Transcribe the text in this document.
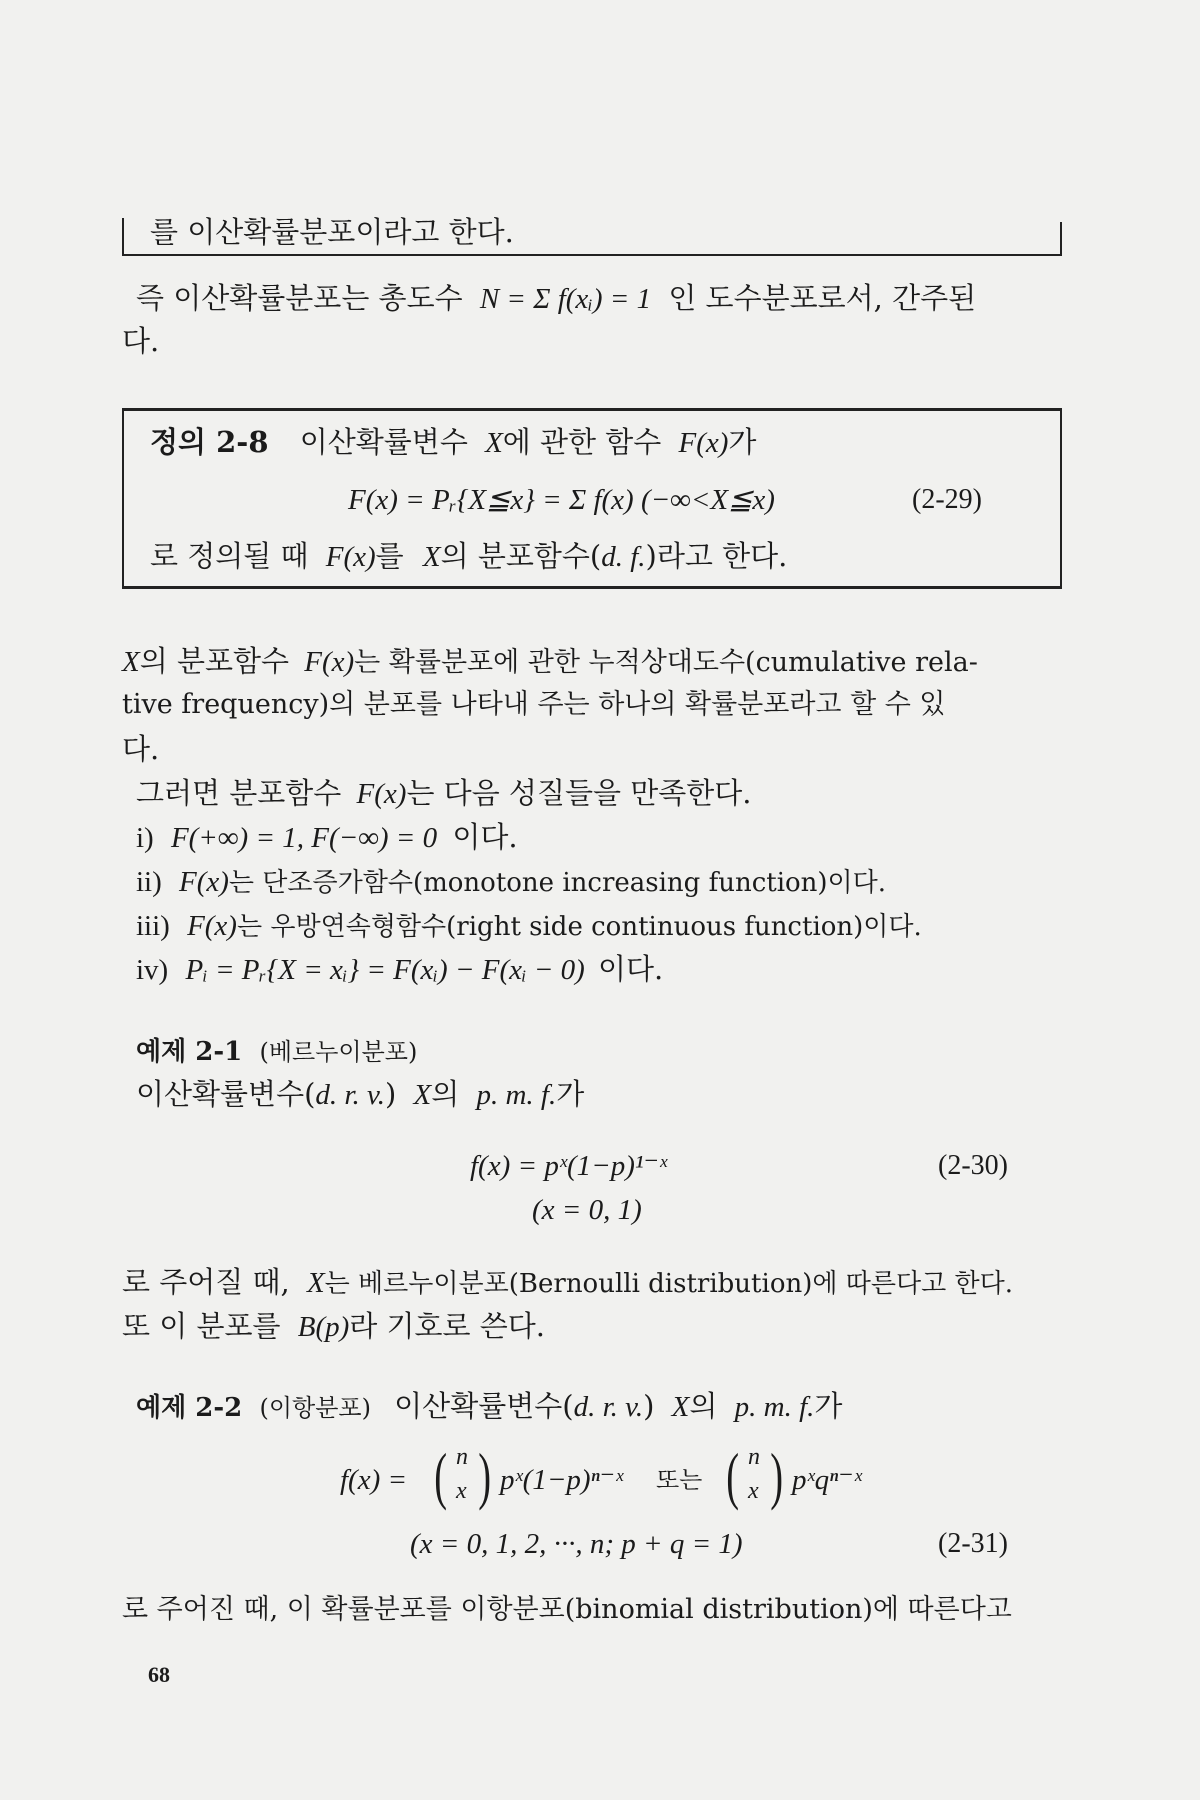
를 이산확률분포이라고 한다.
즉 이산확률분포는 총도수 N = Σ f(xᵢ) = 1 인 도수분포로서, 간주된
다.
정의 2-8 이산확률변수 X에 관한 함수 F(x)가
F(x) = Pᵣ{X≦x} = Σ f(x) (−∞<X≦x)	(2-29)
로 정의될 때 F(x)를 X의 분포함수(d. f.)라고 한다.
X의 분포함수 F(x)는 확률분포에 관한 누적상대도수(cumulative rela-
tive frequency)의 분포를 나타내 주는 하나의 확률분포라고 할 수 있
다.
그러면 분포함수 F(x)는 다음 성질들을 만족한다.
i) F(+∞) = 1, F(−∞) = 0 이다.
ii) F(x)는 단조증가함수(monotone increasing function)이다.
iii) F(x)는 우방연속형함수(right side continuous function)이다.
iv) Pᵢ = Pᵣ{X = xᵢ} = F(xᵢ) − F(xᵢ − 0) 이다.
예제 2-1 (베르누이분포)
이산확률변수(d. r. v.) X의 p. m. f.가
f(x) = pˣ(1−p)¹⁻ˣ	(2-30)
(x = 0, 1)
로 주어질 때, X는 베르누이분포(Bernoulli distribution)에 따른다고 한다.
또 이 분포를 B(p)라 기호로 쓴다.
예제 2-2 (이항분포) 이산확률변수(d. r. v.) X의 p. m. f.가
f(x) = ( n
x ) pˣ(1−p)ⁿ⁻ˣ 또는 ( n
x ) pˣqⁿ⁻ˣ
(x = 0, 1, 2, ···, n; p + q = 1)	(2-31)
로 주어진 때, 이 확률분포를 이항분포(binomial distribution)에 따른다고
68
